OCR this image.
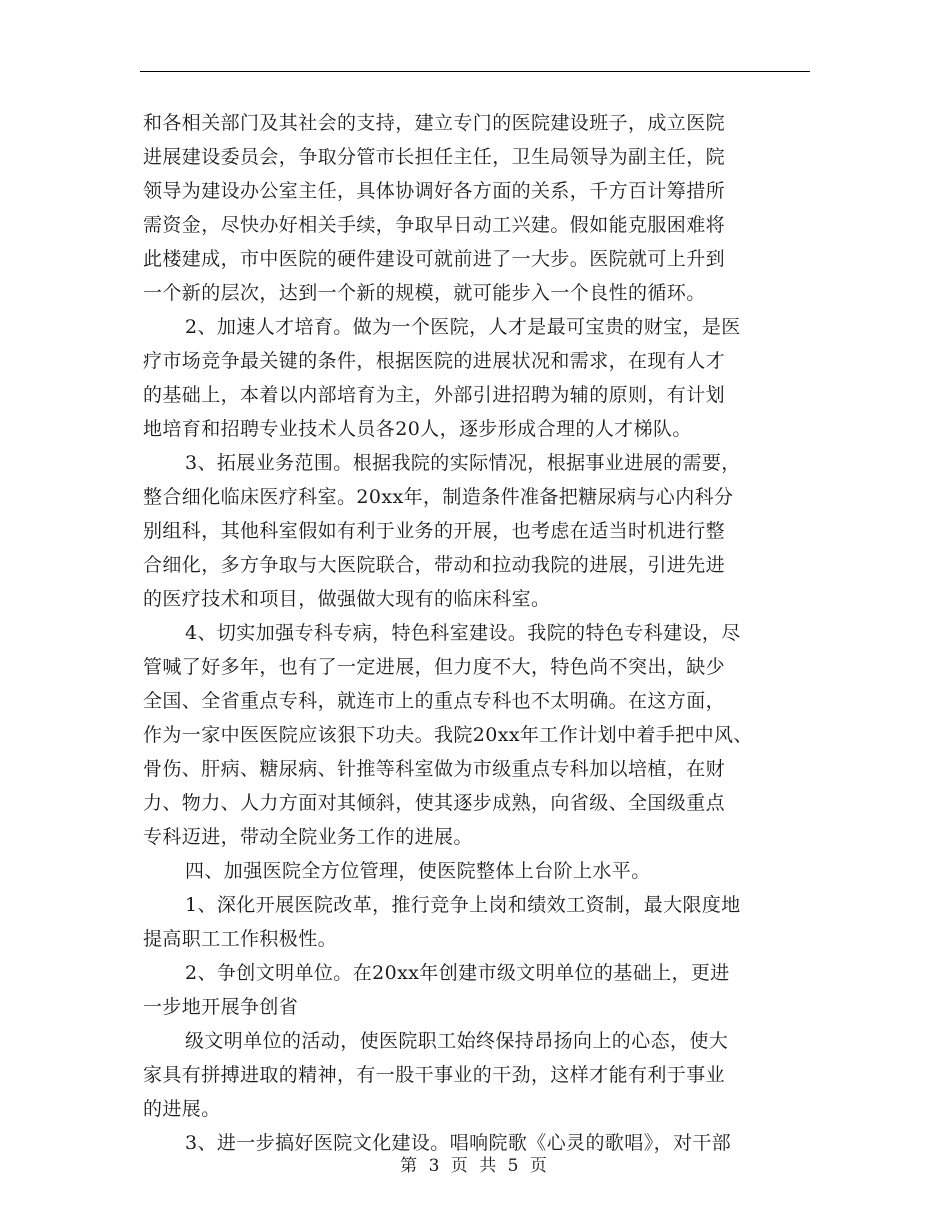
和各相关部门及其社会的支持，建立专门的医院建设班子，成立医院
进展建设委员会，争取分管市长担任主任，卫生局领导为副主任，院
领导为建设办公室主任，具体协调好各方面的关系，千方百计筹措所
需资金，尽快办好相关手续，争取早日动工兴建。假如能克服困难将
此楼建成，市中医院的硬件建设可就前进了一大步。医院就可上升到
一个新的层次，达到一个新的规模，就可能步入一个良性的循环。
2、加速人才培育。做为一个医院，人才是最可宝贵的财宝，是医
疗市场竞争最关键的条件，根据医院的进展状况和需求，在现有人才
的基础上，本着以内部培育为主，外部引进招聘为辅的原则，有计划
地培育和招聘专业技术人员各20人，逐步形成合理的人才梯队。
3、拓展业务范围。根据我院的实际情况，根据事业进展的需要，
整合细化临床医疗科室。20xx年，制造条件准备把糖尿病与心内科分
别组科，其他科室假如有利于业务的开展，也考虑在适当时机进行整
合细化，多方争取与大医院联合，带动和拉动我院的进展，引进先进
的医疗技术和项目，做强做大现有的临床科室。
4、切实加强专科专病，特色科室建设。我院的特色专科建设，尽
管喊了好多年，也有了一定进展，但力度不大，特色尚不突出，缺少
全国、全省重点专科，就连市上的重点专科也不太明确。在这方面，
作为一家中医医院应该狠下功夫。我院20xx年工作计划中着手把中风、
骨伤、肝病、糖尿病、针推等科室做为市级重点专科加以培植，在财
力、物力、人力方面对其倾斜，使其逐步成熟，向省级、全国级重点
专科迈进，带动全院业务工作的进展。
四、加强医院全方位管理，使医院整体上台阶上水平。
1、深化开展医院改革，推行竞争上岗和绩效工资制，最大限度地
提高职工工作积极性。
2、争创文明单位。在20xx年创建市级文明单位的基础上，更进
一步地开展争创省
级文明单位的活动，使医院职工始终保持昂扬向上的心态，使大
家具有拼搏进取的精神，有一股干事业的干劲，这样才能有利于事业
的进展。
3、进一步搞好医院文化建设。唱响院歌《心灵的歌唱》，对干部
第 3 页 共 5 页
